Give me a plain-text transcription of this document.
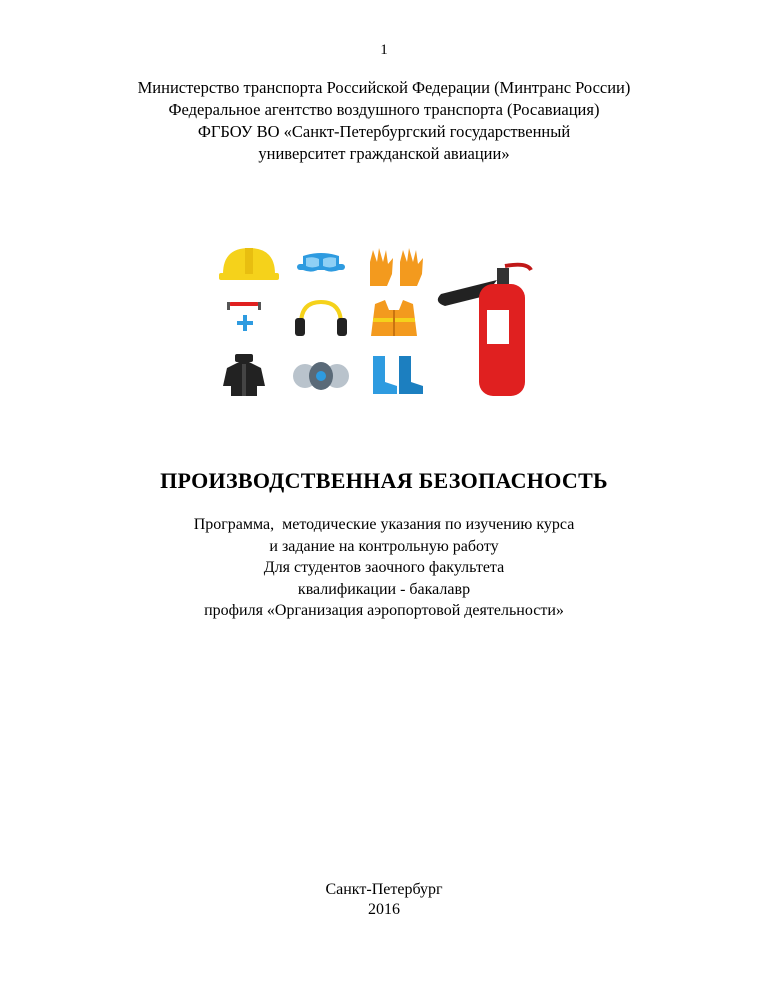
1
Министерство транспорта Российской Федерации (Минтранс России)
Федеральное агентство воздушного транспорта (Росавиация)
ФГБОУ ВО «Санкт-Петербургский государственный
университет гражданской авиации»
ПРОИЗВОДСТВЕННАЯ БЕЗОПАСНОСТЬ
Программа,  методические указания по изучению курса
и задание на контрольную работу
Для студентов заочного факультета
квалификации - бакалавр
профиля «Организация аэропортовой деятельности»
Санкт-Петербург
2016
